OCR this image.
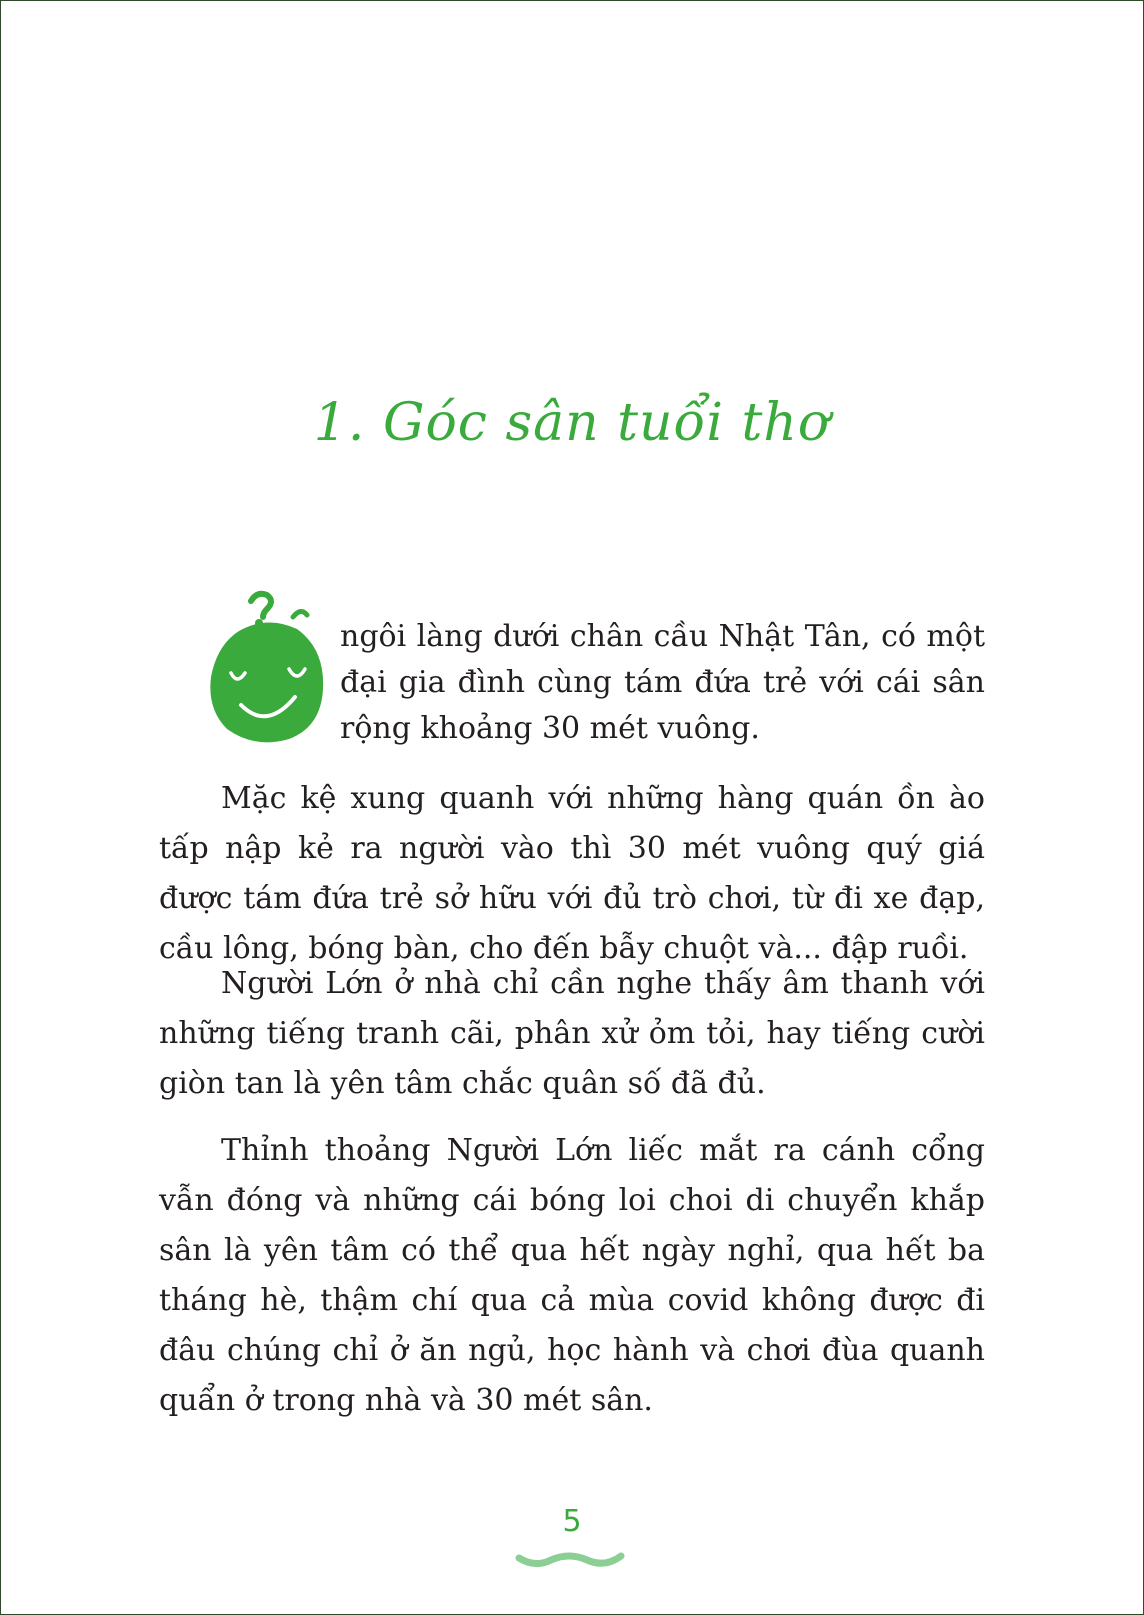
1. Góc sân tuổi thơ

ngôi làng dưới chân cầu Nhật Tân, có một đại gia đình cùng tám đứa trẻ với cái sân rộng khoảng 30 mét vuông.

Mặc kệ xung quanh với những hàng quán ồn ào tấp nập kẻ ra người vào thì 30 mét vuông quý giá được tám đứa trẻ sở hữu với đủ trò chơi, từ đi xe đạp, cầu lông, bóng bàn, cho đến bẫy chuột và... đập ruồi.

Người Lớn ở nhà chỉ cần nghe thấy âm thanh với những tiếng tranh cãi, phân xử ỏm tỏi, hay tiếng cười giòn tan là yên tâm chắc quân số đã đủ.

Thỉnh thoảng Người Lớn liếc mắt ra cánh cổng vẫn đóng và những cái bóng loi choi di chuyển khắp sân là yên tâm có thể qua hết ngày nghỉ, qua hết ba tháng hè, thậm chí qua cả mùa covid không được đi đâu chúng chỉ ở ăn ngủ, học hành và chơi đùa quanh quẩn ở trong nhà và 30 mét sân.

5
